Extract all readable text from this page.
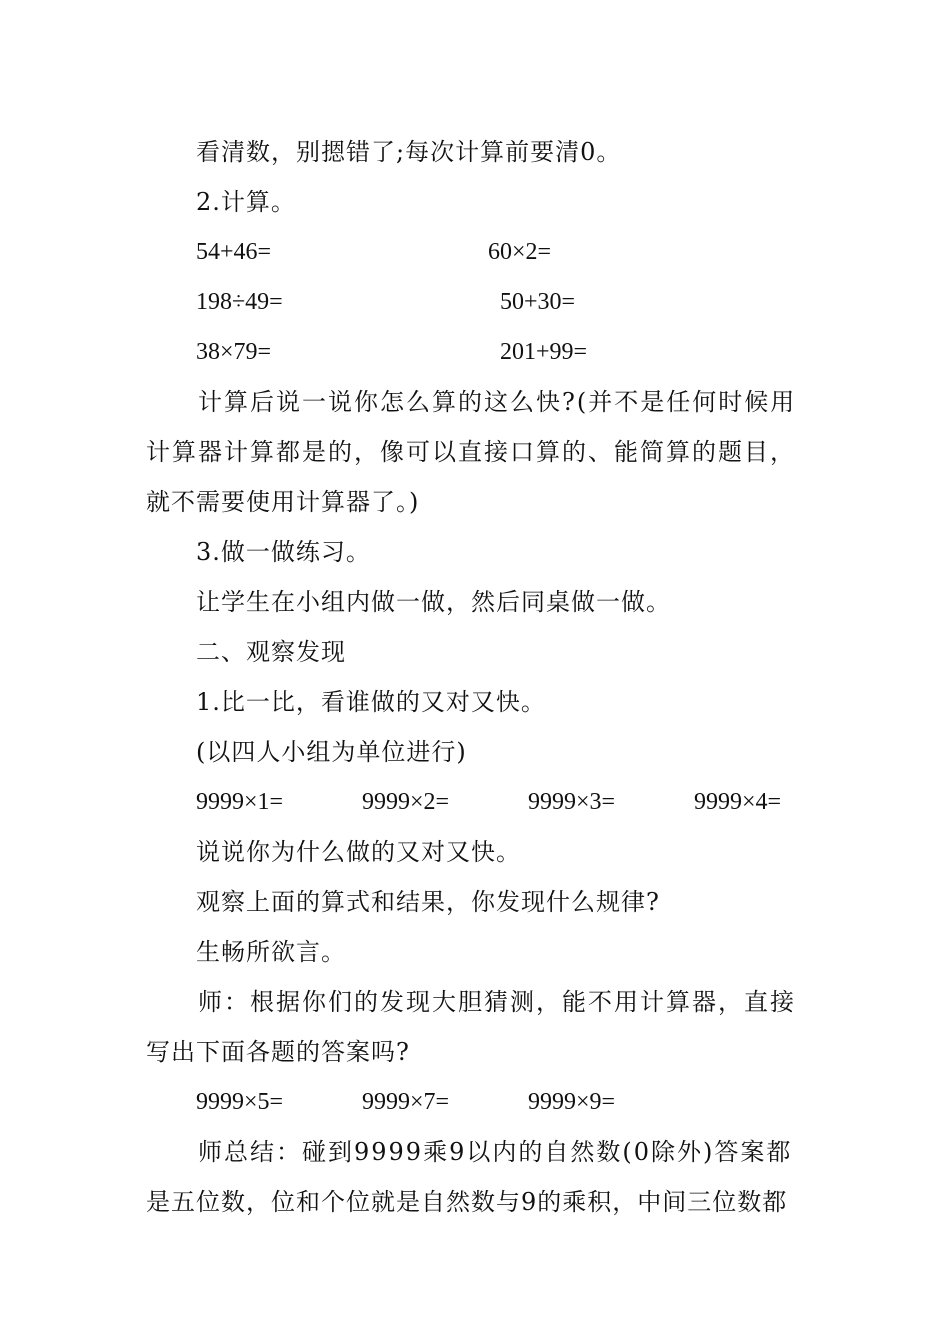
看清数，别摁错了;每次计算前要清0。
2.计算。
54+46=	60×2=
198÷49=	50+30=
38×79=	201+99=
计算后说一说你怎么算的这么快?(并不是任何时候用
计算器计算都是的，像可以直接口算的、能简算的题目，
就不需要使用计算器了。)
3.做一做练习。
让学生在小组内做一做，然后同桌做一做。
二、观察发现
1.比一比，看谁做的又对又快。
(以四人小组为单位进行)
9999×1=	9999×2=	9999×3=	9999×4=
说说你为什么做的又对又快。
观察上面的算式和结果，你发现什么规律?
生畅所欲言。
师：根据你们的发现大胆猜测，能不用计算器，直接
写出下面各题的答案吗?
9999×5=	9999×7=	9999×9=
师总结：碰到9999乘9以内的自然数(0除外)答案都
是五位数，位和个位就是自然数与9的乘积，中间三位数都
